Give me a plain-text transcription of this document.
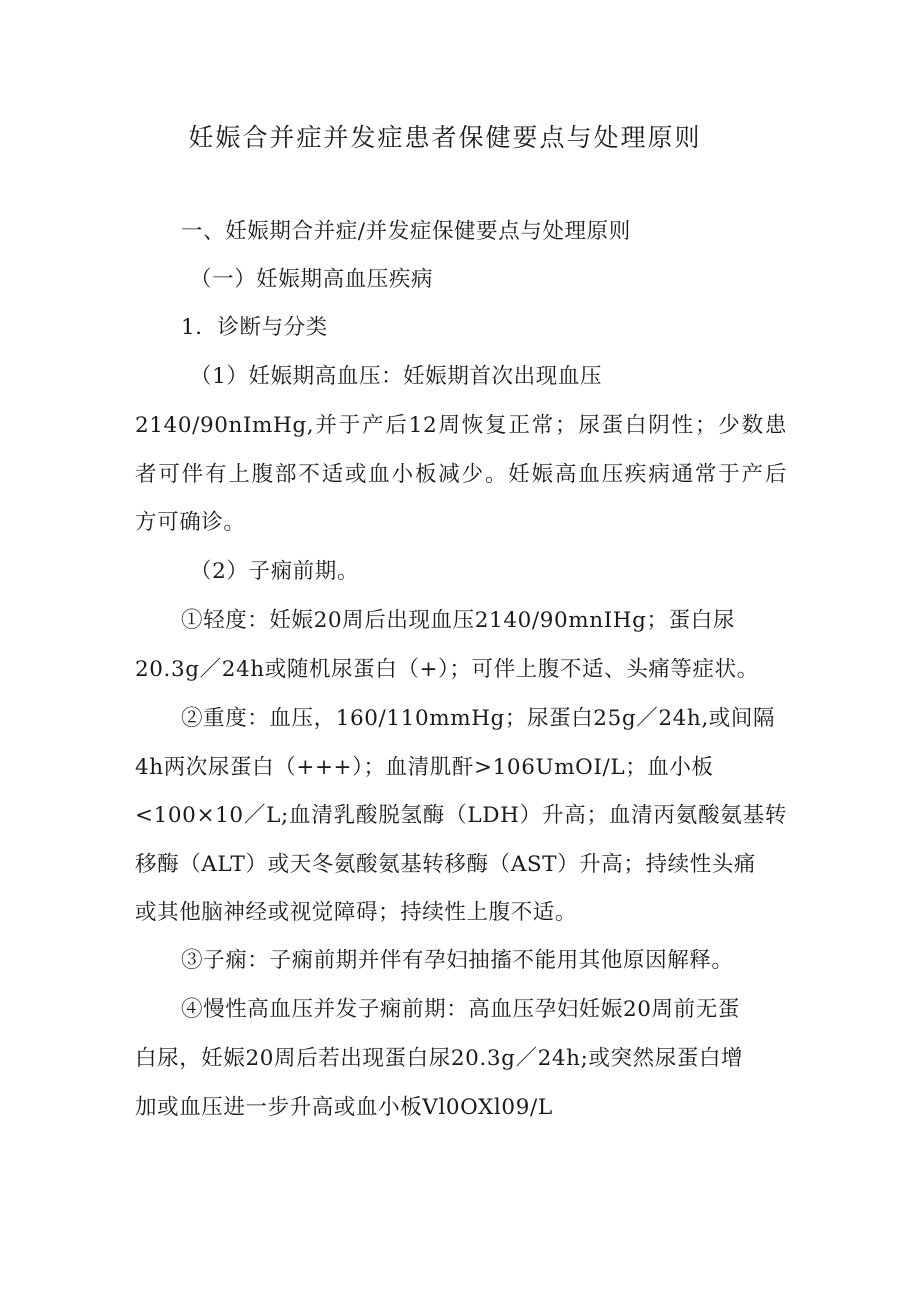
妊娠合并症并发症患者保健要点与处理原则
一、妊娠期合并症/并发症保健要点与处理原则
（一）妊娠期高血压疾病
1．诊断与分类
（1）妊娠期高血压：妊娠期首次出现血压
2140/90nImHg,并于产后12周恢复正常；尿蛋白阴性；少数患
者可伴有上腹部不适或血小板减少。妊娠高血压疾病通常于产后
方可确诊。
（2）子痫前期。
①轻度：妊娠20周后出现血压2140/90mnIHg；蛋白尿
20.3g／24h或随机尿蛋白（+）；可伴上腹不适、头痛等症状。
②重度：血压，160/110mmHg；尿蛋白25g／24h,或间隔
4h两次尿蛋白（+++）；血清肌酐>106UmOI/L；血小板
<100×10／L;血清乳酸脱氢酶（LDH）升高；血清丙氨酸氨基转
移酶（ALT）或天冬氨酸氨基转移酶（AST）升高；持续性头痛
或其他脑神经或视觉障碍；持续性上腹不适。
③子痫：子痫前期并伴有孕妇抽搐不能用其他原因解释。
④慢性高血压并发子痫前期：高血压孕妇妊娠20周前无蛋
白尿，妊娠20周后若出现蛋白尿20.3g／24h;或突然尿蛋白增
加或血压进一步升高或血小板Vl0OXl09/L
